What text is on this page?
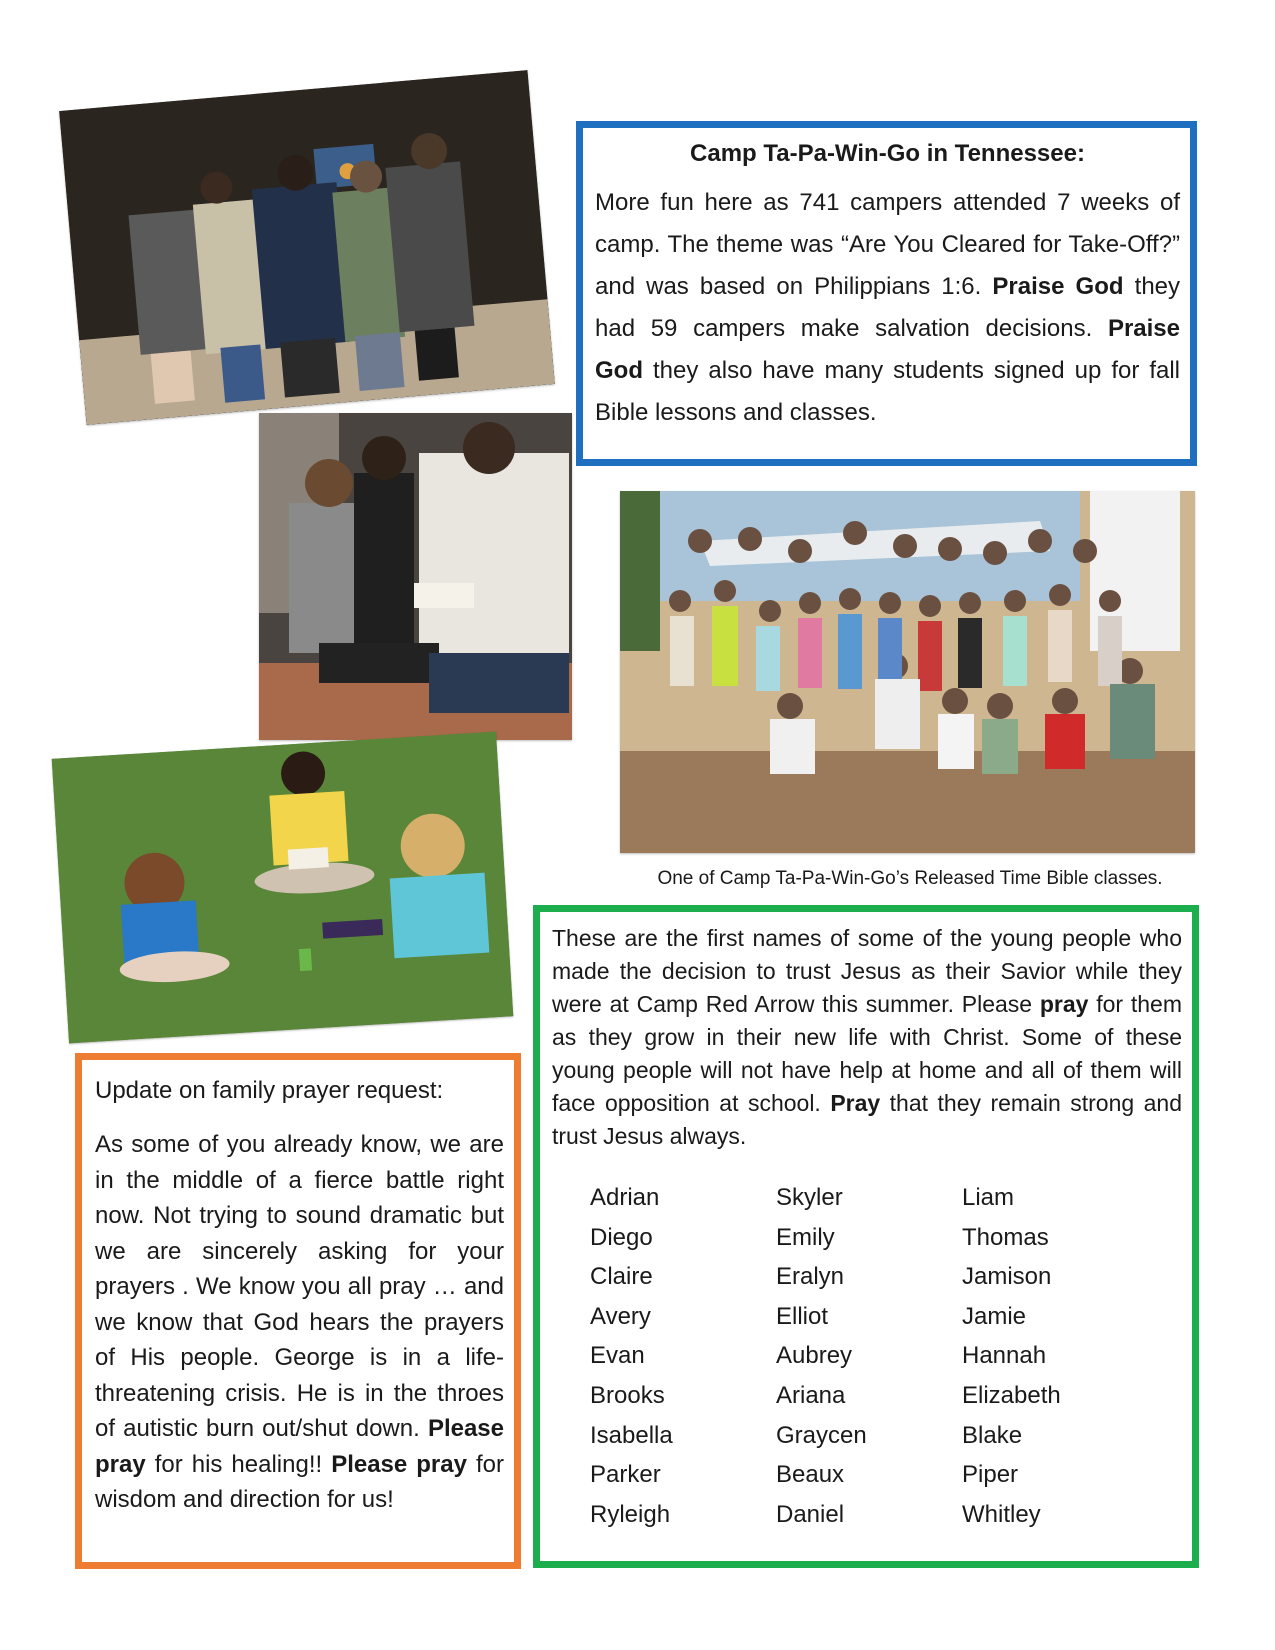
Camp Ta-Pa-Win-Go in Tennessee:

More fun here as 741 campers attended 7 weeks of camp. The theme was “Are You Cleared for Take-Off?” and was based on Philippians 1:6. Praise God they had 59 campers make salvation decisions. Praise God they also have many students signed up for fall Bible lessons and classes.

One of Camp Ta-Pa-Win-Go’s Released Time Bible classes.

These are the first names of some of the young people who made the decision to trust Jesus as their Savior while they were at Camp Red Arrow this summer. Please pray for them as they grow in their new life with Christ. Some of these young people will not have help at home and all of them will face opposition at school. Pray that they remain strong and trust Jesus always.

Adrian
Diego
Claire
Avery
Evan
Brooks
Isabella
Parker
Ryleigh
Skyler
Emily
Eralyn
Elliot
Aubrey
Ariana
Graycen
Beaux
Daniel
Liam
Thomas
Jamison
Jamie
Hannah
Elizabeth
Blake
Piper
Whitley
Update on family prayer request:

As some of you already know, we are in the middle of a fierce battle right now. Not trying to sound dramatic but we are sincerely asking for your prayers . We know you all pray … and we know that God hears the prayers of His people. George is in a life-threatening crisis. He is in the throes of autistic burn out/shut down. Please pray for his healing!! Please pray for wisdom and direction for us!
